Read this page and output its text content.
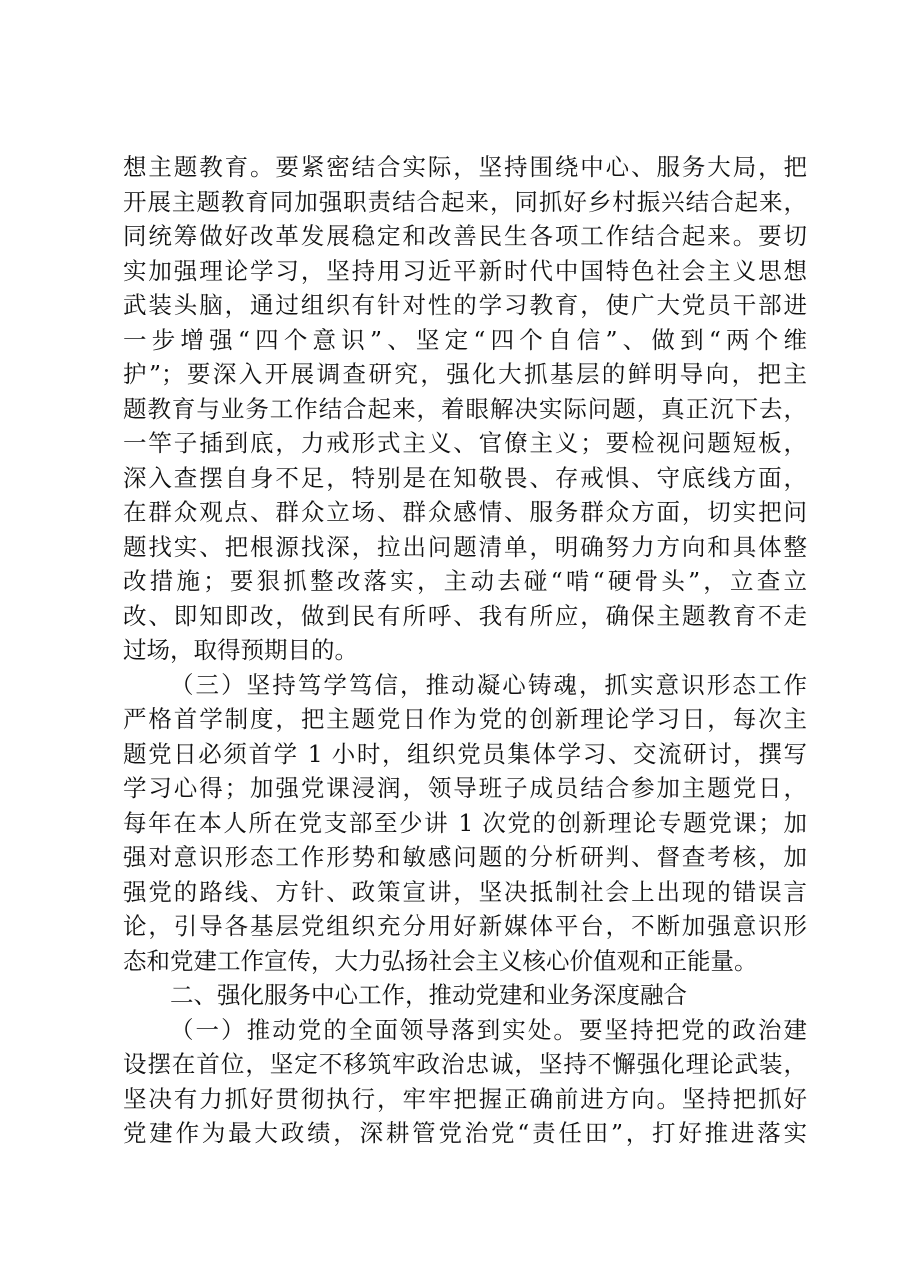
想主题教育。要紧密结合实际，坚持围绕中心、服务大局，把
开展主题教育同加强职责结合起来，同抓好乡村振兴结合起来，
同统筹做好改革发展稳定和改善民生各项工作结合起来。要切
实加强理论学习，坚持用习近平新时代中国特色社会主义思想
武装头脑，通过组织有针对性的学习教育，使广大党员干部进
一步增强“四个意识”、坚定“四个自信”、做到“两个维
护”；要深入开展调查研究，强化大抓基层的鲜明导向，把主
题教育与业务工作结合起来，着眼解决实际问题，真正沉下去，
一竿子插到底，力戒形式主义、官僚主义；要检视问题短板，
深入查摆自身不足，特别是在知敬畏、存戒惧、守底线方面，
在群众观点、群众立场、群众感情、服务群众方面，切实把问
题找实、把根源找深，拉出问题清单，明确努力方向和具体整
改措施；要狠抓整改落实，主动去碰“啃“硬骨头”，立查立
改、即知即改，做到民有所呼、我有所应，确保主题教育不走
过场，取得预期目的。
（三）坚持笃学笃信，推动凝心铸魂，抓实意识形态工作
严格首学制度，把主题党日作为党的创新理论学习日，每次主
题党日必须首学 1 小时，组织党员集体学习、交流研讨，撰写
学习心得；加强党课浸润，领导班子成员结合参加主题党日，
每年在本人所在党支部至少讲 1 次党的创新理论专题党课；加
强对意识形态工作形势和敏感问题的分析研判、督查考核，加
强党的路线、方针、政策宣讲，坚决抵制社会上出现的错误言
论，引导各基层党组织充分用好新媒体平台，不断加强意识形
态和党建工作宣传，大力弘扬社会主义核心价值观和正能量。
二、强化服务中心工作，推动党建和业务深度融合
（一）推动党的全面领导落到实处。要坚持把党的政治建
设摆在首位，坚定不移筑牢政治忠诚，坚持不懈强化理论武装，
坚决有力抓好贯彻执行，牢牢把握正确前进方向。坚持把抓好
党建作为最大政绩，深耕管党治党“责任田”，打好推进落实
